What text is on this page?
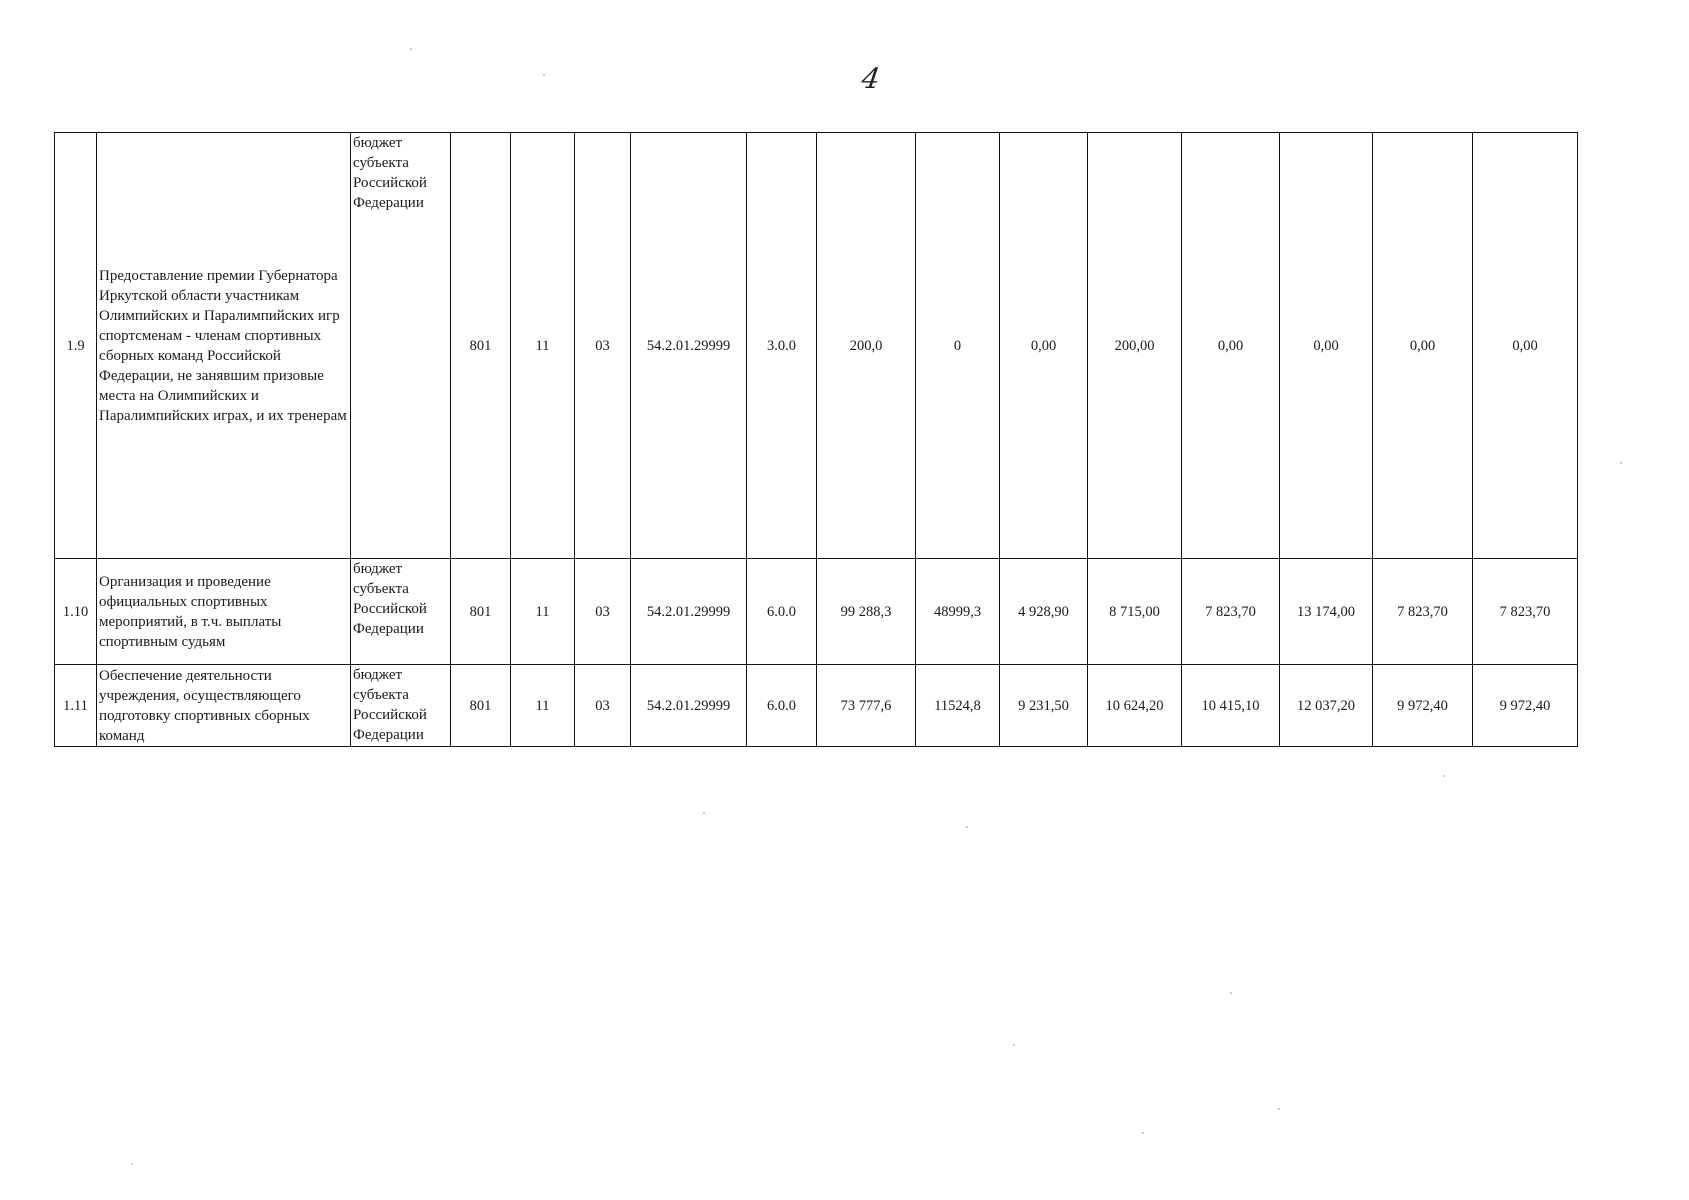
4
1.9	Предоставление премии Губернатора Иркутской области участникам Олимпийских и Паралимпийских игр спортсменам - членам спортивных сборных команд Российской Федерации, не занявшим призовые места на Олимпийских и Паралимпийских играх, и их тренерам	бюджет субъекта Российской Федерации	801	11	03	54.2.01.29999	3.0.0	200,0	0	0,00	200,00	0,00	0,00	0,00	0,00
1.10	Организация и проведение официальных спортивных мероприятий, в т.ч. выплаты спортивным судьям	бюджет субъекта Российской Федерации	801	11	03	54.2.01.29999	6.0.0	99 288,3	48999,3	4 928,90	8 715,00	7 823,70	13 174,00	7 823,70	7 823,70
1.11	Обеспечение деятельности учреждения, осуществляющего подготовку спортивных сборных команд	бюджет субъекта Российской Федерации	801	11	03	54.2.01.29999	6.0.0	73 777,6	11524,8	9 231,50	10 624,20	10 415,10	12 037,20	9 972,40	9 972,40
